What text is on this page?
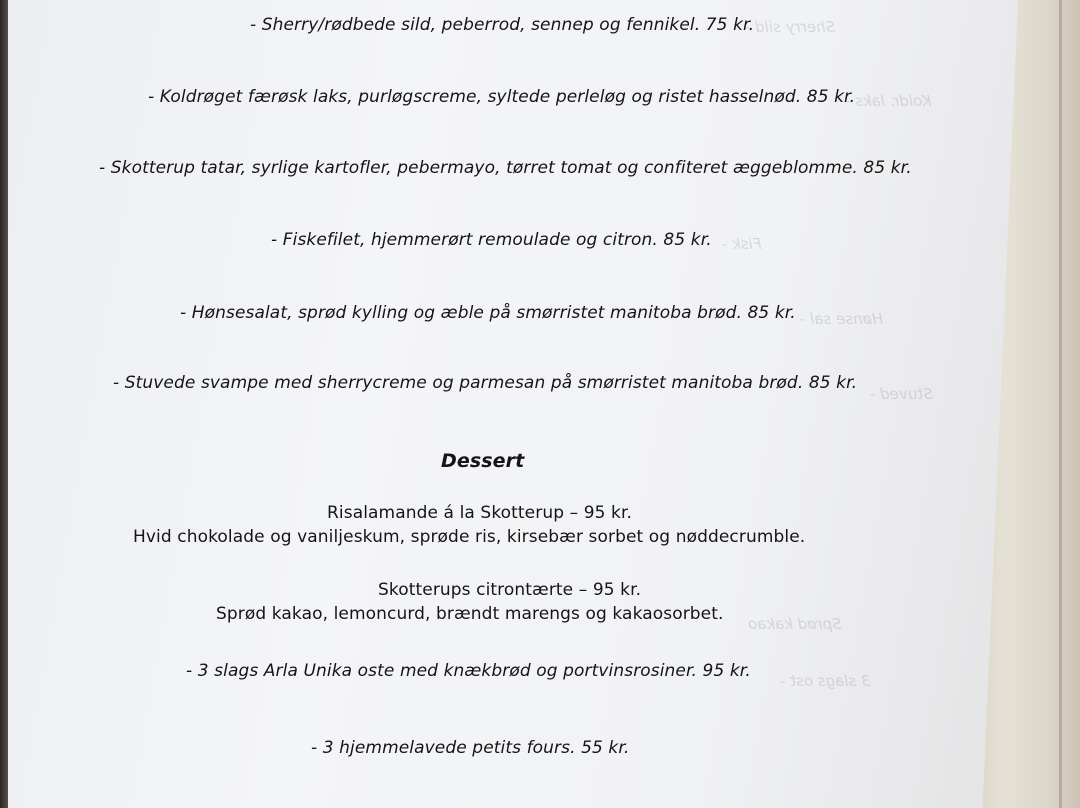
Sherry sild -
Koldr. laks -
Fisk -
Hønse sal -
Stuved -
Sprød kakao
3 slags ost -
- Sherry/rødbede sild, peberrod, sennep og fennikel. 75 kr.
- Koldrøget færøsk laks, purløgscreme, syltede perleløg og ristet hasselnød. 85 kr.
- Skotterup tatar, syrlige kartofler, pebermayo, tørret tomat og confiteret æggeblomme. 85 kr.
- Fiskefilet, hjemmerørt remoulade og citron. 85 kr.
- Hønsesalat, sprød kylling og æble på smørristet manitoba brød. 85 kr.
- Stuvede svampe med sherrycreme og parmesan på smørristet manitoba brød. 85 kr.
Dessert
Risalamande á la Skotterup – 95 kr.
Hvid chokolade og vaniljeskum, sprøde ris, kirsebær sorbet og nøddecrumble.
Skotterups citrontærte – 95 kr.
Sprød kakao, lemoncurd, brændt marengs og kakaosorbet.
- 3 slags Arla Unika oste med knækbrød og portvinsrosiner. 95 kr.
- 3 hjemmelavede petits fours. 55 kr.
